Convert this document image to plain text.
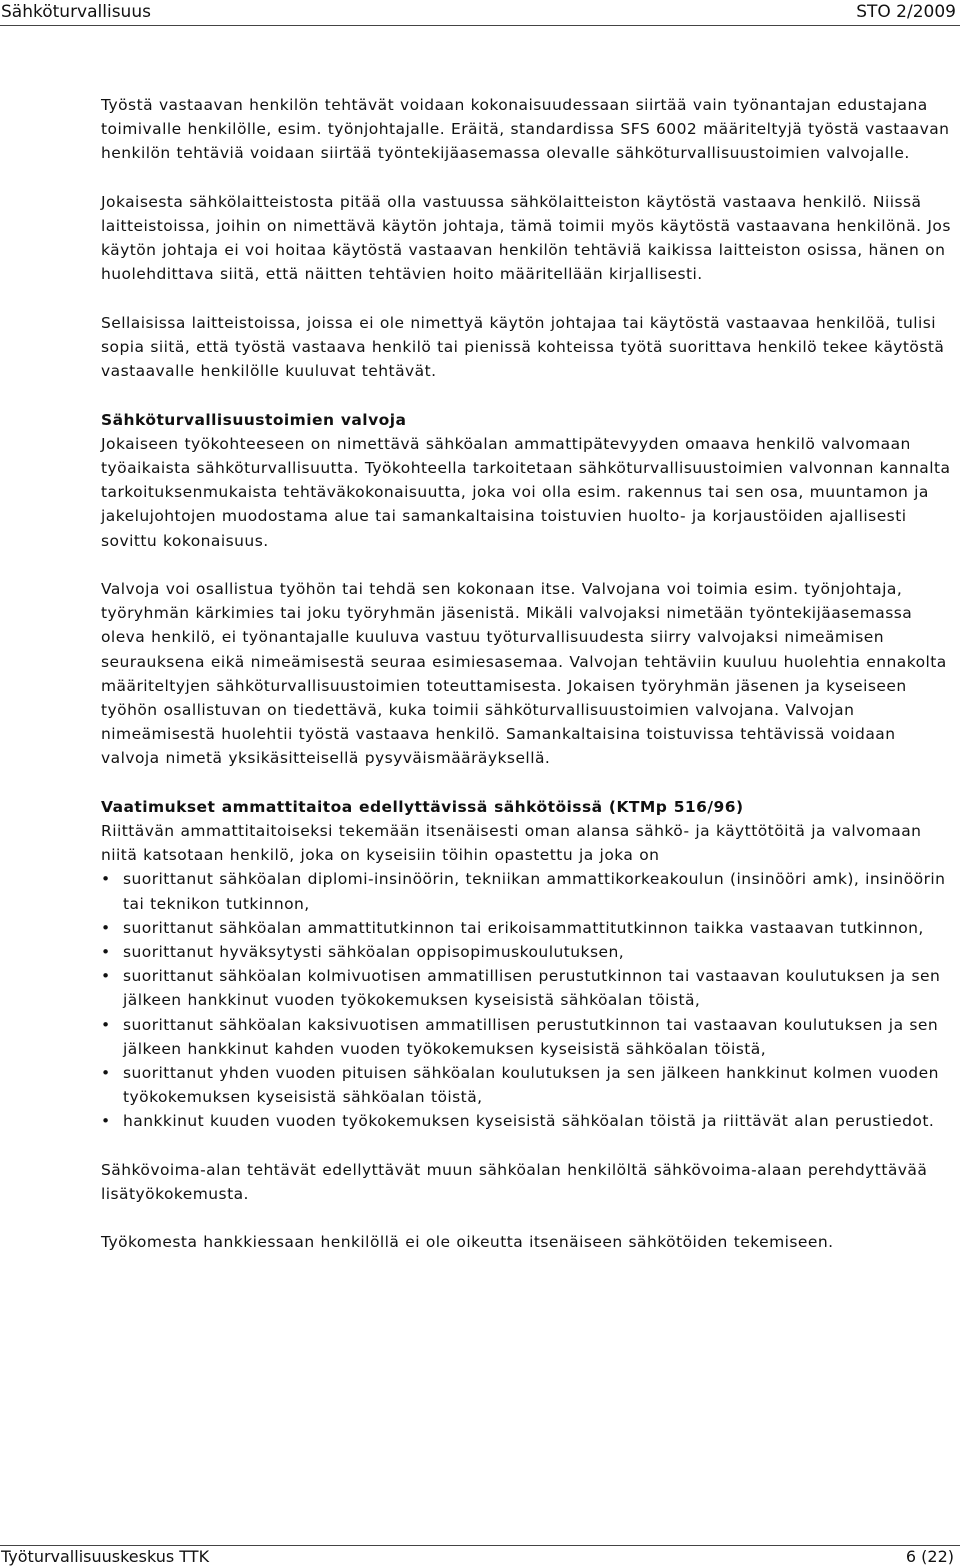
Sähköturvallisuus	STO 2/2009

Työstä vastaavan henkilön tehtävät voidaan kokonaisuudessaan siirtää vain työnantajan edustajana toimivalle henkilölle, esim. työnjohtajalle. Eräitä, standardissa SFS 6002 määriteltyjä työstä vastaavan henkilön tehtäviä voidaan siirtää työntekijäasemassa olevalle sähköturvallisuustoimien valvojalle.

Jokaisesta sähkölaitteistosta pitää olla vastuussa sähkölaitteiston käytöstä vastaava henkilö. Niissä laitteistoissa, joihin on nimettävä käytön johtaja, tämä toimii myös käytöstä vastaavana henkilönä. Jos käytön johtaja ei voi hoitaa käytöstä vastaavan henkilön tehtäviä kaikissa laitteiston osissa, hänen on huolehdittava siitä, että näitten tehtävien hoito määritellään kirjallisesti.

Sellaisissa laitteistoissa, joissa ei ole nimettyä käytön johtajaa tai käytöstä vastaavaa henkilöä, tulisi sopia siitä, että työstä vastaava henkilö tai pienissä kohteissa työtä suorittava henkilö tekee käytöstä vastaavalle henkilölle kuuluvat tehtävät.

Sähköturvallisuustoimien valvoja

Jokaiseen työkohteeseen on nimettävä sähköalan ammattipätevyyden omaava henkilö valvomaan työaikaista sähköturvallisuutta. Työkohteella tarkoitetaan sähköturvallisuustoimien valvonnan kannalta tarkoituksenmukaista tehtäväkokonaisuutta, joka voi olla esim. rakennus tai sen osa, muuntamon ja jakelujohtojen muodostama alue tai samankaltaisina toistuvien huolto- ja korjaustöiden ajallisesti sovittu kokonaisuus.

Valvoja voi osallistua työhön tai tehdä sen kokonaan itse. Valvojana voi toimia esim. työnjohtaja, työryhmän kärkimies tai joku työryhmän jäsenistä. Mikäli valvojaksi nimetään työntekijäasemassa oleva henkilö, ei työnantajalle kuuluva vastuu työturvallisuudesta siirry valvojaksi nimeämisen seurauksena eikä nimeämisestä seuraa esimiesasemaa. Valvojan tehtäviin kuuluu huolehtia ennakolta määriteltyjen sähköturvallisuustoimien toteuttamisesta. Jokaisen työryhmän jäsenen ja kyseiseen työhön osallistuvan on tiedettävä, kuka toimii sähköturvallisuustoimien valvojana. Valvojan nimeämisestä huolehtii työstä vastaava henkilö. Samankaltaisina toistuvissa tehtävissä voidaan valvoja nimetä yksikäsitteisellä pysyväismääräyksellä.

Vaatimukset ammattitaitoa edellyttävissä sähkötöissä (KTMp 516/96)
Riittävän ammattitaitoiseksi tekemään itsenäisesti oman alansa sähkö- ja käyttötöitä ja valvomaan niitä katsotaan henkilö, joka on kyseisiin töihin opastettu ja joka on
• suorittanut sähköalan diplomi-insinöörin, tekniikan ammattikorkeakoulun (insinööri amk), insinöörin tai teknikon tutkinnon,
• suorittanut sähköalan ammattitutkinnon tai erikoisammattitutkinnon taikka vastaavan tutkinnon,
• suorittanut hyväksytysti sähköalan oppisopimuskoulutuksen,
• suorittanut sähköalan kolmivuotisen ammatillisen perustutkinnon tai vastaavan koulutuksen ja sen jälkeen hankkinut vuoden työkokemuksen kyseisistä sähköalan töistä,
• suorittanut sähköalan kaksivuotisen ammatillisen perustutkinnon tai vastaavan koulutuksen ja sen jälkeen hankkinut kahden vuoden työkokemuksen kyseisistä sähköalan töistä,
• suorittanut yhden vuoden pituisen sähköalan koulutuksen ja sen jälkeen hankkinut kolmen vuoden työkokemuksen kyseisistä sähköalan töistä,
• hankkinut kuuden vuoden työkokemuksen kyseisistä sähköalan töistä ja riittävät alan perustiedot.

Sähkövoima-alan tehtävät edellyttävät muun sähköalan henkilöltä sähkövoima-alaan perehdyttävää lisätyökokemusta.

Työkomesta hankkiessaan henkilöllä ei ole oikeutta itsenäiseen sähkötöiden tekemiseen.

Työturvallisuuskeskus TTK	6 (22)
